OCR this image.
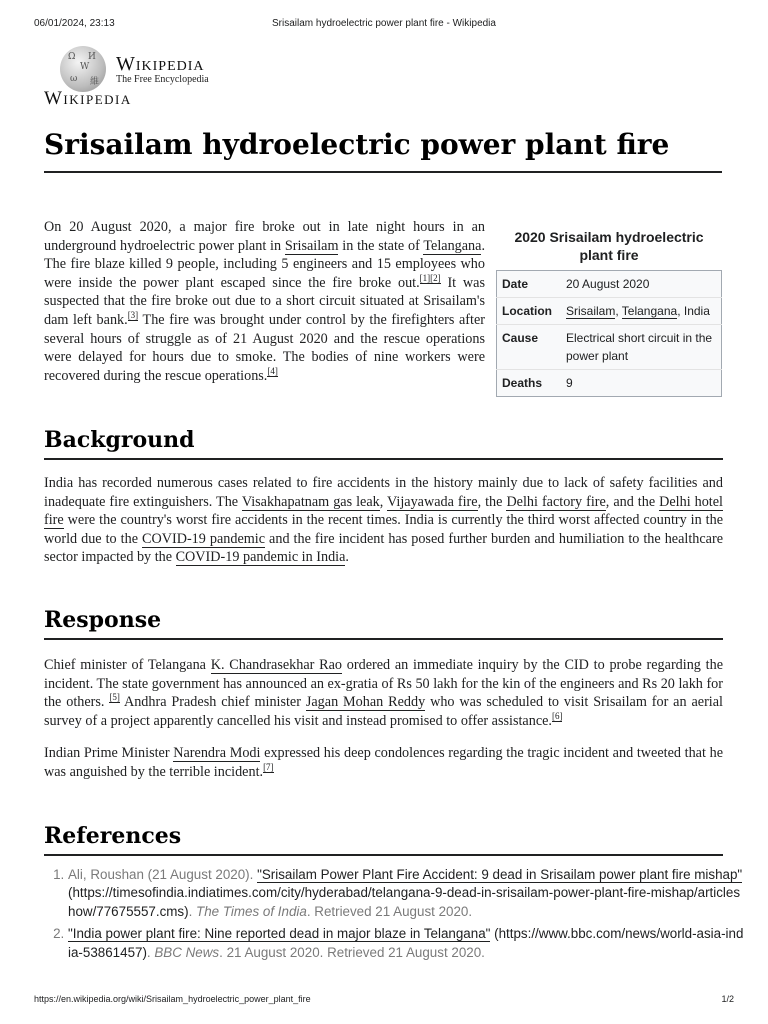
06/01/2024, 23:13	Srisailam hydroelectric power plant fire - Wikipedia
Ω
W
ω
И
維
Wikipedia
The Free Encyclopedia
Wikipedia
Srisailam hydroelectric power plant fire

On 20 August 2020, a major fire broke out in late night hours in an underground hydroelectric power plant in Srisailam in the state of Telangana. The fire blaze killed 9 people, including 5 engineers and 15 employees who were inside the power plant escaped since the fire broke out.[1][2] It was suspected that the fire broke out due to a short circuit situated at Srisailam's dam left bank.[3] The fire was brought under control by the firefighters after several hours of struggle as of 21 August 2020 and the rescue operations were delayed for hours due to smoke. The bodies of nine workers were recovered during the rescue operations.[4]

2020 Srisailam hydroelectric plant fire
Date	20 August 2020
Location	Srisailam, Telangana, India
Cause	Electrical short circuit in the power plant
Deaths	9
Background

India has recorded numerous cases related to fire accidents in the history mainly due to lack of safety facilities and inadequate fire extinguishers. The Visakhapatnam gas leak, Vijayawada fire, the Delhi factory fire, and the Delhi hotel fire were the country's worst fire accidents in the recent times. India is currently the third worst affected country in the world due to the COVID-19 pandemic and the fire incident has posed further burden and humiliation to the healthcare sector impacted by the COVID-19 pandemic in India.

Response

Chief minister of Telangana K. Chandrasekhar Rao ordered an immediate inquiry by the CID to probe regarding the incident. The state government has announced an ex-gratia of Rs 50 lakh for the kin of the engineers and Rs 20 lakh for the others. [5] Andhra Pradesh chief minister Jagan Mohan Reddy who was scheduled to visit Srisailam for an aerial survey of a project apparently cancelled his visit and instead promised to offer assistance.[6]

Indian Prime Minister Narendra Modi expressed his deep condolences regarding the tragic incident and tweeted that he was anguished by the terrible incident.[7]

References
1. Ali, Roushan (21 August 2020). "Srisailam Power Plant Fire Accident: 9 dead in Srisailam power plant fire mishap" (https://timesofindia.indiatimes.com/city/hyderabad/telangana-9-dead-in-srisailam-power-plant-fire-mishap/articleshow/77675557.cms). The Times of India. Retrieved 21 August 2020.
2. "India power plant fire: Nine reported dead in major blaze in Telangana" (https://www.bbc.com/news/world-asia-india-53861457). BBC News. 21 August 2020. Retrieved 21 August 2020.
https://en.wikipedia.org/wiki/Srisailam_hydroelectric_power_plant_fire	1/2
